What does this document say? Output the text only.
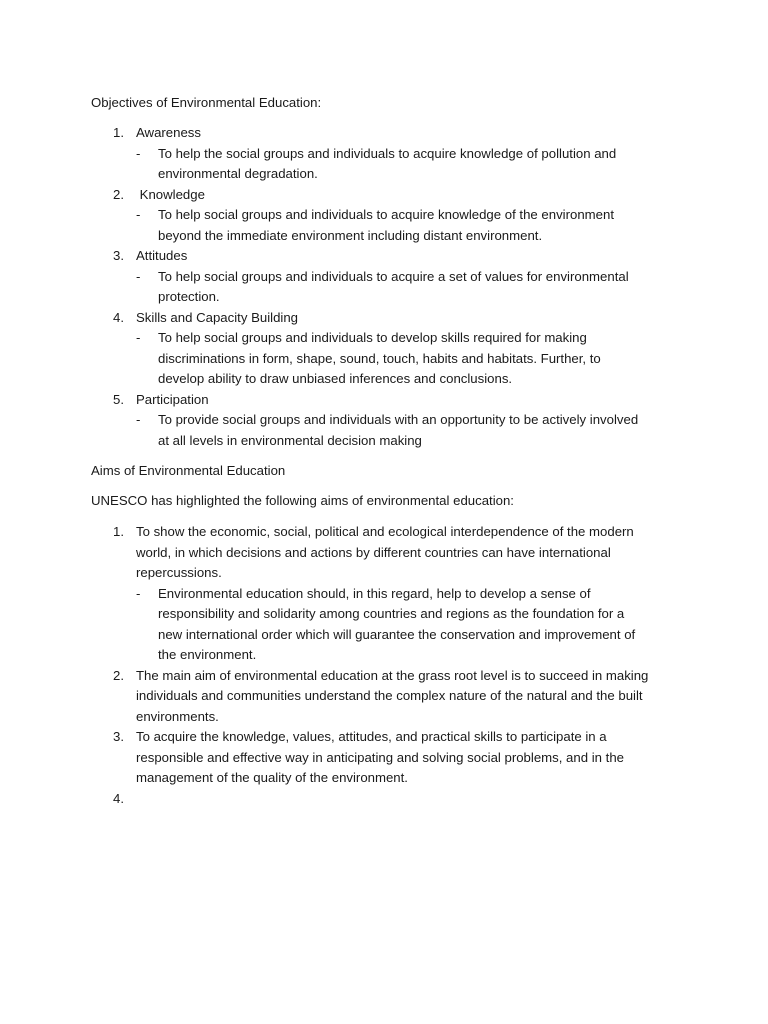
Objectives of Environmental Education:

1. Awareness
- To help the social groups and individuals to acquire knowledge of pollution and
environmental degradation.
2. Knowledge
- To help social groups and individuals to acquire knowledge of the environment
beyond the immediate environment including distant environment.
3. Attitudes
- To help social groups and individuals to acquire a set of values for environmental
protection.
4. Skills and Capacity Building
- To help social groups and individuals to develop skills required for making
discriminations in form, shape, sound, touch, habits and habitats. Further, to
develop ability to draw unbiased inferences and conclusions.
5. Participation
- To provide social groups and individuals with an opportunity to be actively involved
at all levels in environmental decision making

Aims of Environmental Education

UNESCO has highlighted the following aims of environmental education:

1. To show the economic, social, political and ecological interdependence of the modern
world, in which decisions and actions by different countries can have international
repercussions.
- Environmental education should, in this regard, help to develop a sense of
responsibility and solidarity among countries and regions as the foundation for a
new international order which will guarantee the conservation and improvement of
the environment.
2. The main aim of environmental education at the grass root level is to succeed in making
individuals and communities understand the complex nature of the natural and the built
environments.
3. To acquire the knowledge, values, attitudes, and practical skills to participate in a
responsible and effective way in anticipating and solving social problems, and in the
management of the quality of the environment.
4.
